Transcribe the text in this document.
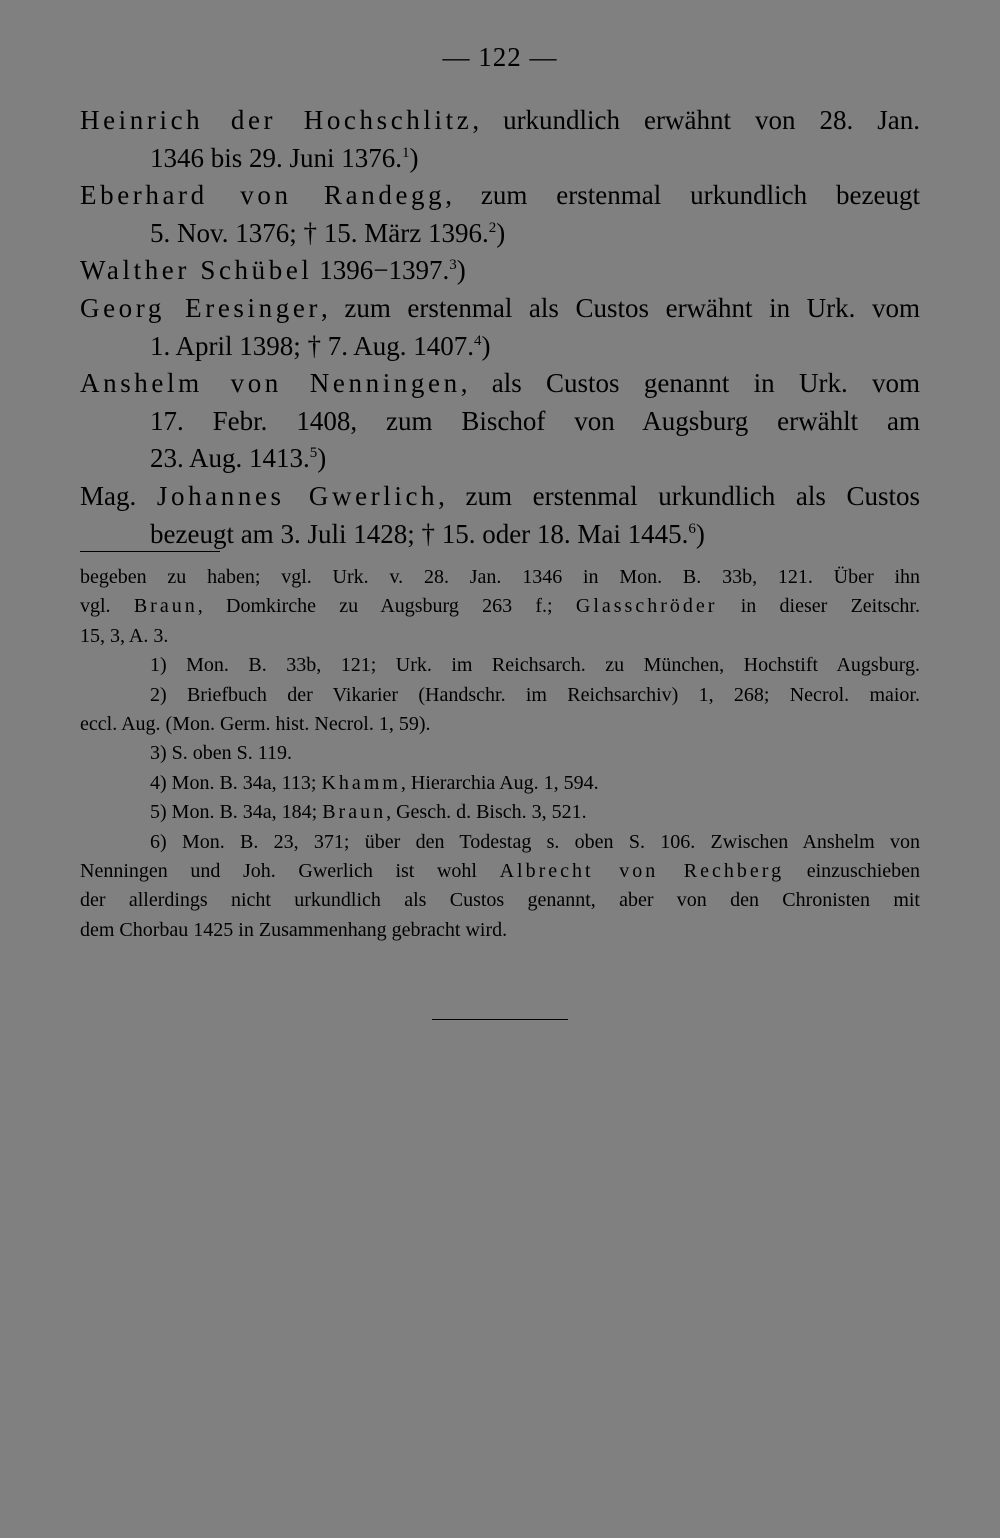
— 122 —
Heinrich der Hochschlitz, urkundlich erwähnt von 28. Jan.
1346 bis 29. Juni 1376.$^1$)
Eberhard von Randegg, zum erstenmal urkundlich bezeugt
5. Nov. 1376; † 15. März 1396.$^2$)
Walther Schübel 1396−1397.$^3$)
Georg Eresinger, zum erstenmal als Custos erwähnt in Urk. vom
1. April 1398; † 7. Aug. 1407.$^4$)
Anshelm von Nenningen, als Custos genannt in Urk. vom
17. Febr. 1408, zum Bischof von Augsburg erwählt am
23. Aug. 1413.$^5$)
Mag. Johannes Gwerlich, zum erstenmal urkundlich als Custos
bezeugt am 3. Juli 1428; † 15. oder 18. Mai 1445.$^6$)
begeben zu haben; vgl. Urk. v. 28. Jan. 1346 in Mon. B. 33b, 121. Über ihn
vgl. Braun, Domkirche zu Augsburg 263 f.; Glasschröder in dieser Zeitschr.
15, 3, A. 3.
1) Mon. B. 33b, 121; Urk. im Reichsarch. zu München, Hochstift Augsburg.
2) Briefbuch der Vikarier (Handschr. im Reichsarchiv) 1, 268; Necrol. maior.
eccl. Aug. (Mon. Germ. hist. Necrol. 1, 59).
3) S. oben S. 119.
4) Mon. B. 34a, 113; Khamm, Hierarchia Aug. 1, 594.
5) Mon. B. 34a, 184; Braun, Gesch. d. Bisch. 3, 521.
6) Mon. B. 23, 371; über den Todestag s. oben S. 106. Zwischen Anshelm von
Nenningen und Joh. Gwerlich ist wohl Albrecht von Rechberg einzuschieben
der allerdings nicht urkundlich als Custos genannt, aber von den Chronisten mit
dem Chorbau 1425 in Zusammenhang gebracht wird.
